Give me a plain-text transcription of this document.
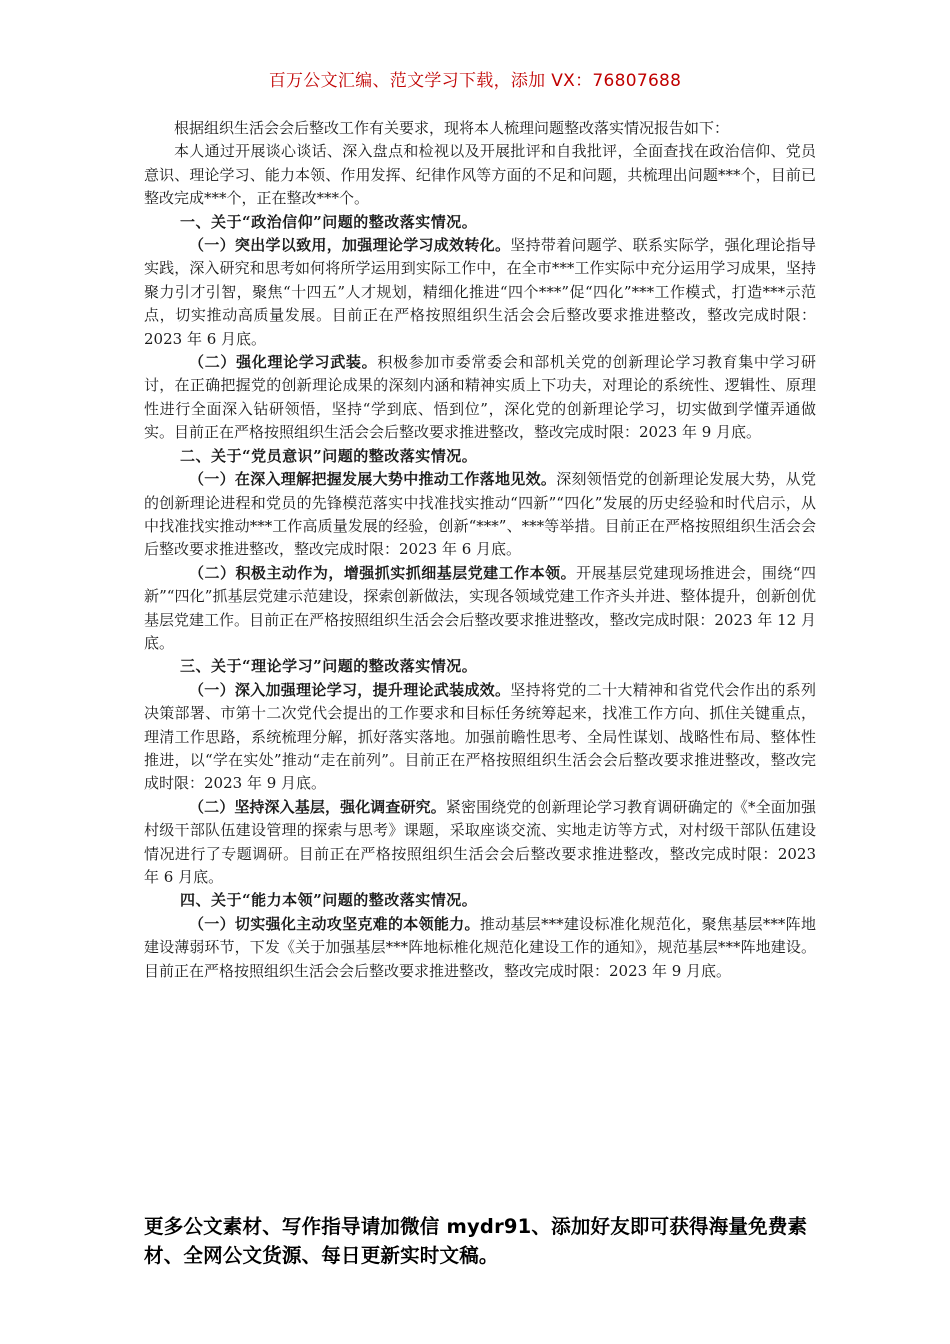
百万公文汇编、范文学习下载，添加 VX：76807688

根据组织生活会会后整改工作有关要求，现将本人梳理问题整改落实情况报告如下：

本人通过开展谈心谈话、深入盘点和检视以及开展批评和自我批评，全面查找在政治信仰、党员意识、理论学习、能力本领、作用发挥、纪律作风等方面的不足和问题，共梳理出问题***个，目前已整改完成***个，正在整改***个。

一、关于“政治信仰”问题的整改落实情况。

（一）突出学以致用，加强理论学习成效转化。坚持带着问题学、联系实际学，强化理论指导实践，深入研究和思考如何将所学运用到实际工作中，在全市***工作实际中充分运用学习成果，坚持聚力引才引智，聚焦“十四五”人才规划，精细化推进“四个***”促“四化”***工作模式，打造***示范点，切实推动高质量发展。目前正在严格按照组织生活会会后整改要求推进整改，整改完成时限：2023 年 6 月底。

（二）强化理论学习武装。积极参加市委常委会和部机关党的创新理论学习教育集中学习研讨，在正确把握党的创新理论成果的深刻内涵和精神实质上下功夫，对理论的系统性、逻辑性、原理性进行全面深入钻研领悟，坚持“学到底、悟到位”，深化党的创新理论学习，切实做到学懂弄通做实。目前正在严格按照组织生活会会后整改要求推进整改，整改完成时限：2023 年 9 月底。

二、关于“党员意识”问题的整改落实情况。

（一）在深入理解把握发展大势中推动工作落地见效。深刻领悟党的创新理论发展大势，从党的创新理论进程和党员的先锋模范落实中找准找实推动“四新”“四化”发展的历史经验和时代启示，从中找准找实推动***工作高质量发展的经验，创新“***”、***等举措。目前正在严格按照组织生活会会后整改要求推进整改，整改完成时限：2023 年 6 月底。

（二）积极主动作为，增强抓实抓细基层党建工作本领。开展基层党建现场推进会，围绕“四新”“四化”抓基层党建示范建设，探索创新做法，实现各领域党建工作齐头并进、整体提升，创新创优基层党建工作。目前正在严格按照组织生活会会后整改要求推进整改，整改完成时限：2023 年 12 月底。

三、关于“理论学习”问题的整改落实情况。

（一）深入加强理论学习，提升理论武装成效。坚持将党的二十大精神和省党代会作出的系列决策部署、市第十二次党代会提出的工作要求和目标任务统筹起来，找准工作方向、抓住关键重点，理清工作思路，系统梳理分解，抓好落实落地。加强前瞻性思考、全局性谋划、战略性布局、整体性推进，以“学在实处”推动“走在前列”。目前正在严格按照组织生活会会后整改要求推进整改，整改完成时限：2023 年 9 月底。

（二）坚持深入基层，强化调查研究。紧密围绕党的创新理论学习教育调研确定的《*全面加强村级干部队伍建设管理的探索与思考》课题，采取座谈交流、实地走访等方式，对村级干部队伍建设情况进行了专题调研。目前正在严格按照组织生活会会后整改要求推进整改，整改完成时限：2023 年 6 月底。

四、关于“能力本领”问题的整改落实情况。

（一）切实强化主动攻坚克难的本领能力。推动基层***建设标准化规范化，聚焦基层***阵地建设薄弱环节，下发《关于加强基层***阵地标椎化规范化建设工作的通知》，规范基层***阵地建设。目前正在严格按照组织生活会会后整改要求推进整改，整改完成时限：2023 年 9 月底。

更多公文素材、写作指导请加微信 mydr91、添加好友即可获得海量免费素材、全网公文货源、每日更新实时文稿。
